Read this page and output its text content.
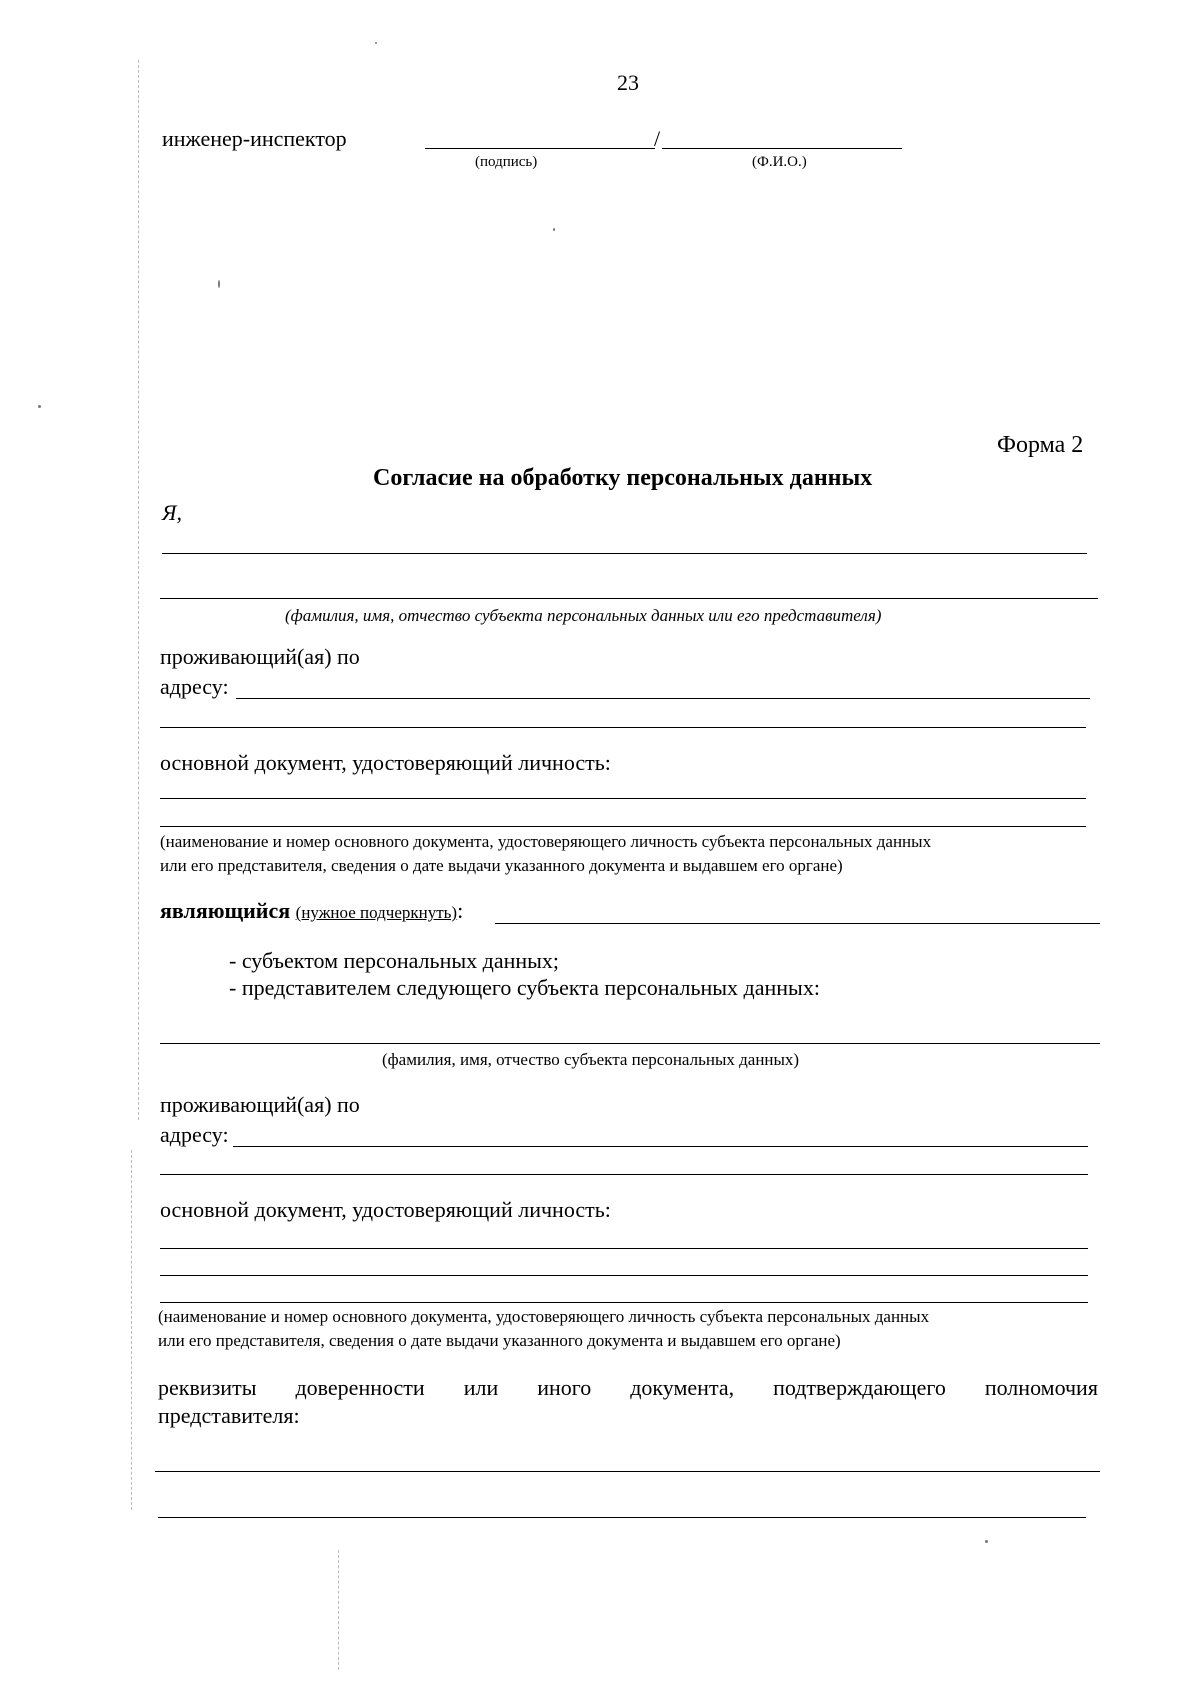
23
инженер-инспектор	/
(подпись)	(Ф.И.О.)
Форма 2
Согласие на обработку персональных данных
Я,
(фамилия, имя, отчество субъекта персональных данных или его представителя)
проживающий(ая) по
адресу:
основной документ, удостоверяющий личность:
(наименование и номер основного документа, удостоверяющего личность субъекта персональных данных
или его представителя, сведения о дате выдачи указанного документа и выдавшем его органе)
являющийся (нужное подчеркнуть):
- субъектом персональных данных;
- представителем следующего субъекта персональных данных:
(фамилия, имя, отчество субъекта персональных данных)
проживающий(ая) по
адресу:
основной документ, удостоверяющий личность:
(наименование и номер основного документа, удостоверяющего личность субъекта персональных данных
или его представителя, сведения о дате выдачи указанного документа и выдавшем его органе)
реквизиты доверенности или иного документа, подтверждающего полномочия
представителя:
